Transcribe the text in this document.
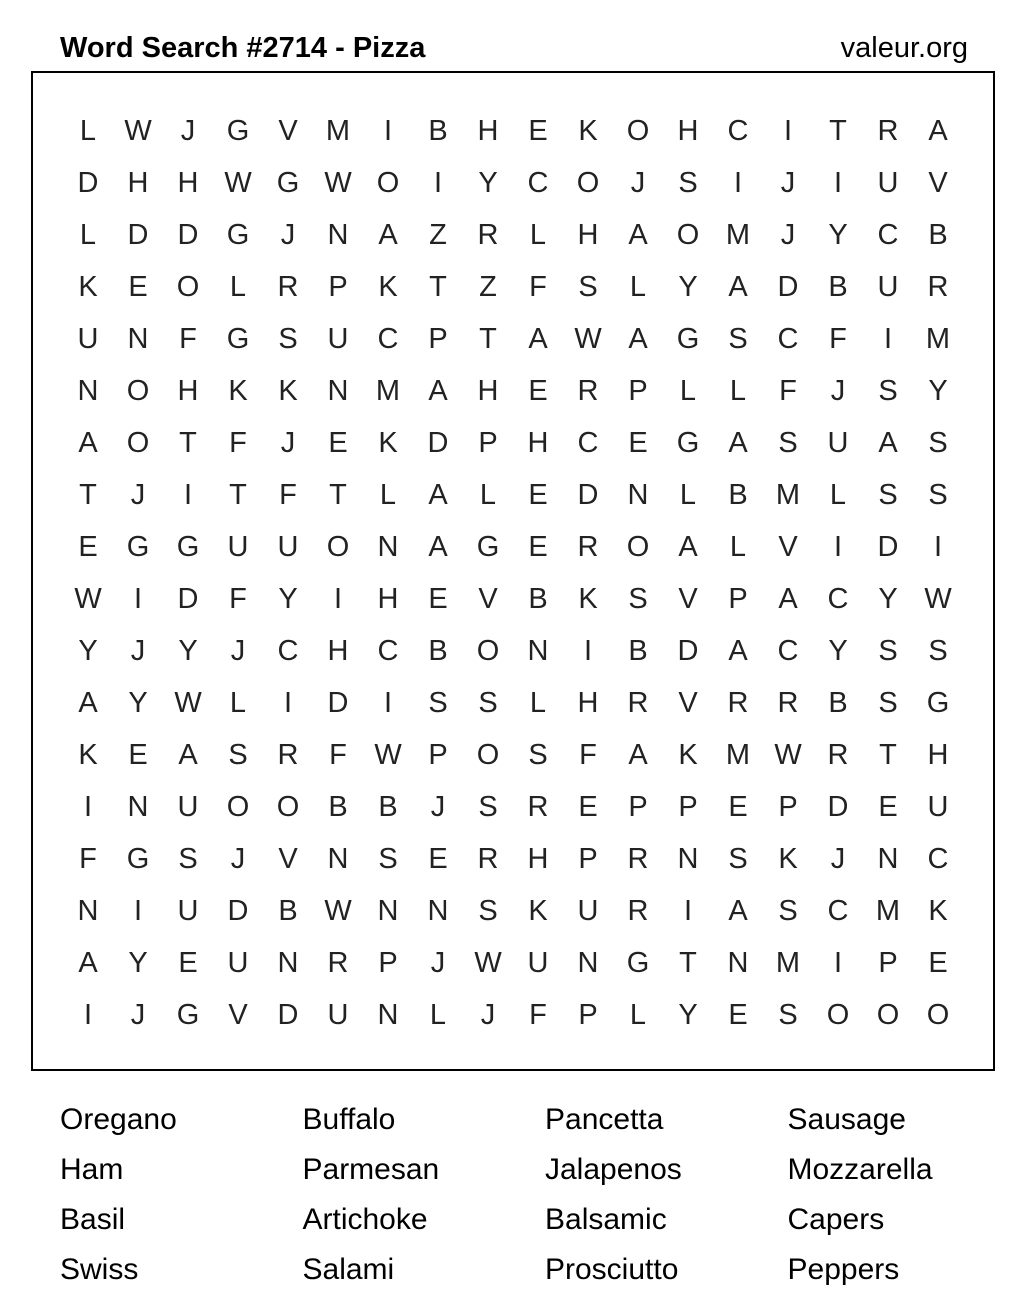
Word Search #2714 - Pizza	valeur.org
L W	J	G	V M	I	B	H	E	K	O H	C	I	T	R	A
D	H	H W G W O	I	Y	C O	J	S	I	J	I	U	V
L	D	D G	J	N	A	Z	R	L	H	A	O M	J	Y	C	B
K	E	O	L	R	P	K	T	Z	F	S	L	Y	A	D	B	U	R
U	N	F	G	S	U	C	P	T	A W A	G	S	C	F	I	M
N O H	K	K	N M A	H	E	R	P	L	L	F	J	S	Y
A	O	T	F	J	E	K	D	P	H	C	E	G	A	S	U	A	S
T	J	I	T	F	T	L	A	L	E	D	N	L	B M	L	S	S
E	G G U	U O N	A	G	E	R O	A	L	V	I	D	I
W	I	D	F	Y	I	H	E	V	B	K	S	V	P	A	C	Y W
Y	J	Y	J	C	H	C	B	O N	I	B	D	A	C	Y	S	S
A	Y W L	I	D	I	S	S	L	H	R	V	R	R	B	S	G
K	E	A	S	R	F W P	O	S	F	A	K M W R	T	H
I	N	U O O	B	B	J	S	R	E	P	P	E	P	D	E	U
F	G	S	J	V	N	S	E	R	H	P	R	N	S	K	J	N	C
N	I	U	D	B W N	N	S	K	U	R	I	A	S	C M K
A	Y	E	U	N	R	P	J	W U	N G	T	N M	I	P	E
I	J	G	V	D	U	N	L	J	F	P	L	Y	E	S	O O O
Oregano	Buffalo	Pancetta	Sausage
Ham	Parmesan	Jalapenos	Mozzarella
Basil	Artichoke	Balsamic	Capers
Swiss	Salami	Prosciutto	Peppers
